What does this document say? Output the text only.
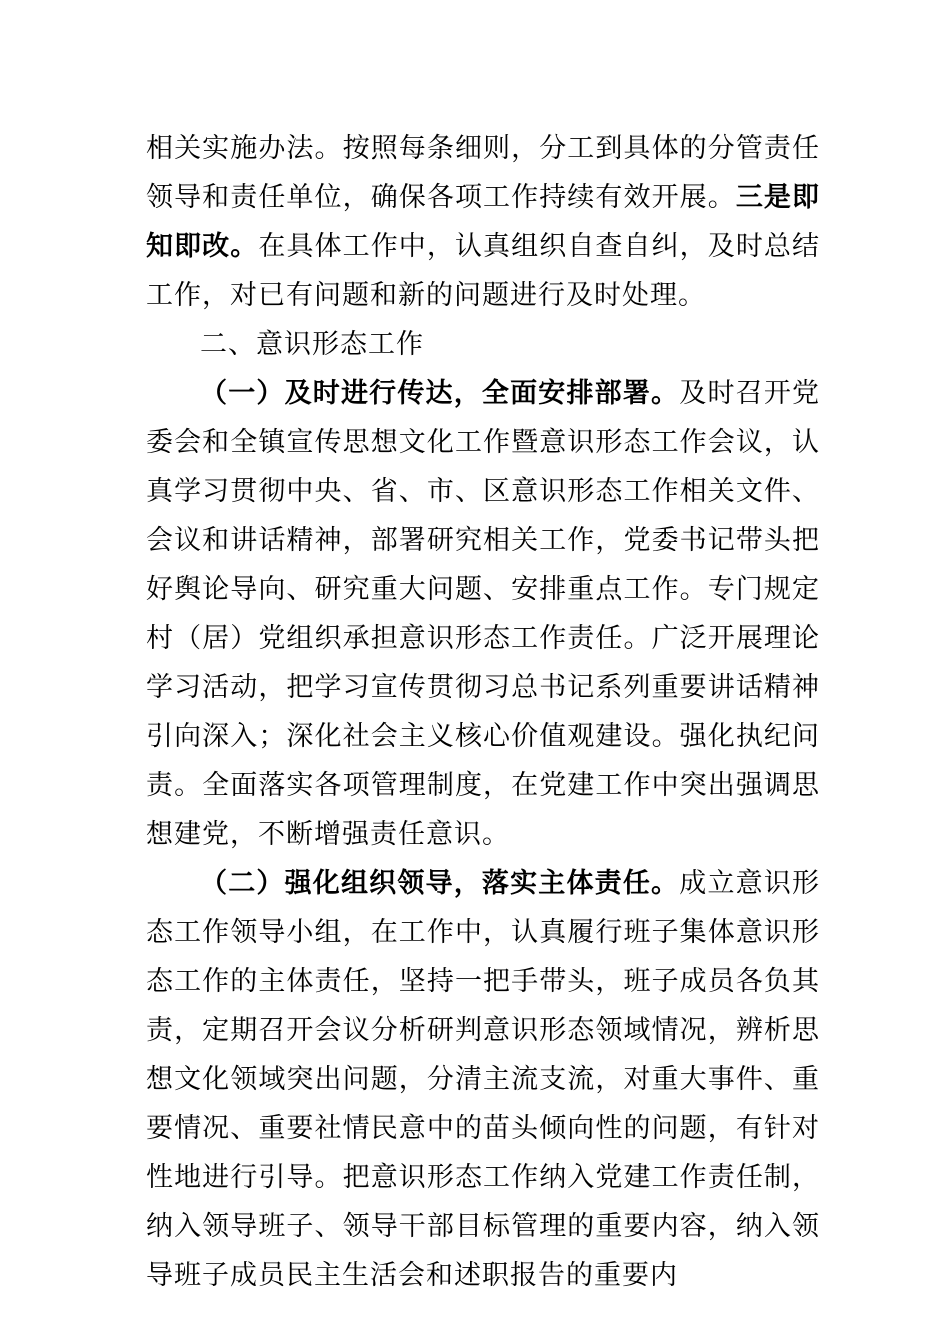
相关实施办法。按照每条细则，分工到具体的分管责任领导和责任单位，确保各项工作持续有效开展。三是即知即改。在具体工作中，认真组织自查自纠，及时总结工作，对已有问题和新的问题进行及时处理。

二、意识形态工作

（一）及时进行传达，全面安排部署。及时召开党委会和全镇宣传思想文化工作暨意识形态工作会议，认真学习贯彻中央、省、市、区意识形态工作相关文件、会议和讲话精神，部署研究相关工作，党委书记带头把好舆论导向、研究重大问题、安排重点工作。专门规定村（居）党组织承担意识形态工作责任。广泛开展理论学习活动，把学习宣传贯彻习总书记系列重要讲话精神引向深入；深化社会主义核心价值观建设。强化执纪问责。全面落实各项管理制度，在党建工作中突出强调思想建党，不断增强责任意识。

（二）强化组织领导，落实主体责任。成立意识形态工作领导小组，在工作中，认真履行班子集体意识形态工作的主体责任，坚持一把手带头，班子成员各负其责，定期召开会议分析研判意识形态领域情况，辨析思想文化领域突出问题，分清主流支流，对重大事件、重要情况、重要社情民意中的苗头倾向性的问题，有针对性地进行引导。把意识形态工作纳入党建工作责任制，纳入领导班子、领导干部目标管理的重要内容，纳入领导班子成员民主生活会和述职报告的重要内
